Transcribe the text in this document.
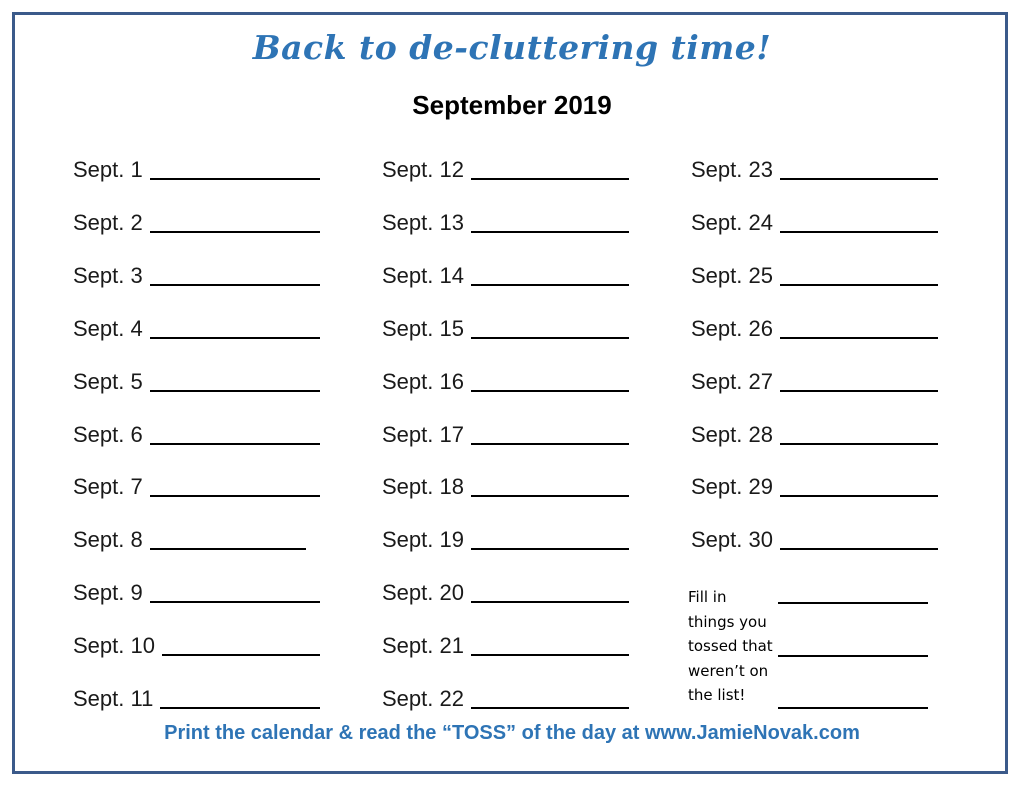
Back to de-cluttering time!
September 2019
Sept. 1
Sept. 2
Sept. 3
Sept. 4
Sept. 5
Sept. 6
Sept. 7
Sept. 8
Sept. 9
Sept. 10
Sept. 11
Sept. 12
Sept. 13
Sept. 14
Sept. 15
Sept. 16
Sept. 17
Sept. 18
Sept. 19
Sept. 20
Sept. 21
Sept. 22
Sept. 23
Sept. 24
Sept. 25
Sept. 26
Sept. 27
Sept. 28
Sept. 29
Sept. 30
Fill in
things you
tossed that
weren’t on
the list!
Print the calendar & read the “TOSS” of the day at www.JamieNovak.com
